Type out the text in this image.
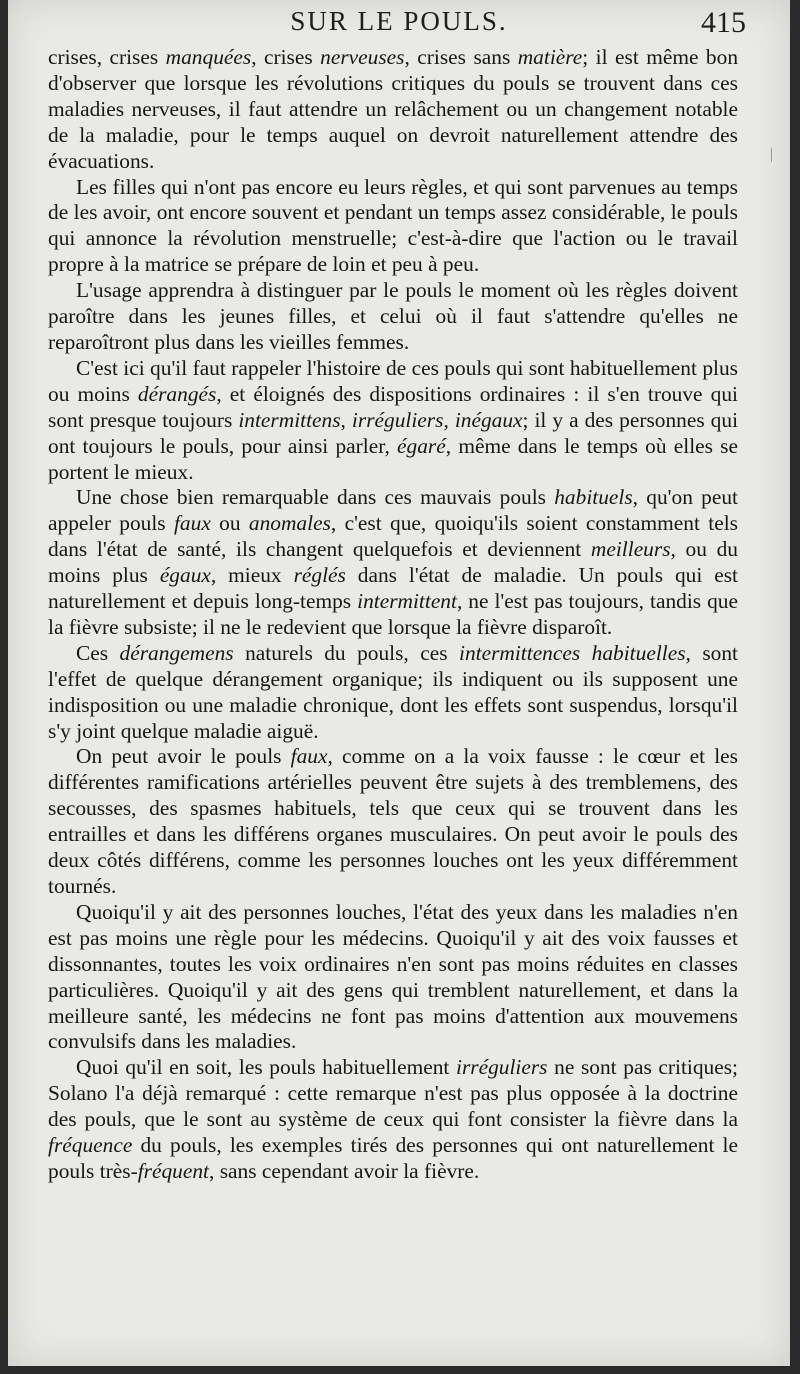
SUR LE POULS.	415

crises, crises manquées, crises nerveuses, crises sans matière; il est même bon d'observer que lorsque les révolutions critiques du pouls se trouvent dans ces maladies nerveuses, il faut attendre un relâchement ou un changement notable de la maladie, pour le temps auquel on devroit naturellement attendre des évacuations.

Les filles qui n'ont pas encore eu leurs règles, et qui sont parvenues au temps de les avoir, ont encore souvent et pendant un temps assez considérable, le pouls qui annonce la révolution menstruelle; c'est-à-dire que l'action ou le travail propre à la matrice se prépare de loin et peu à peu.

L'usage apprendra à distinguer par le pouls le moment où les règles doivent paroître dans les jeunes filles, et celui où il faut s'attendre qu'elles ne reparoîtront plus dans les vieilles femmes.

C'est ici qu'il faut rappeler l'histoire de ces pouls qui sont habituellement plus ou moins dérangés, et éloignés des dispositions ordinaires : il s'en trouve qui sont presque toujours intermittens, irréguliers, inégaux; il y a des personnes qui ont toujours le pouls, pour ainsi parler, égaré, même dans le temps où elles se portent le mieux.

Une chose bien remarquable dans ces mauvais pouls habituels, qu'on peut appeler pouls faux ou anomales, c'est que, quoiqu'ils soient constamment tels dans l'état de santé, ils changent quelquefois et deviennent meilleurs, ou du moins plus égaux, mieux réglés dans l'état de maladie. Un pouls qui est naturellement et depuis long-temps intermittent, ne l'est pas toujours, tandis que la fièvre subsiste; il ne le redevient que lorsque la fièvre disparoît.

Ces dérangemens naturels du pouls, ces intermittences habituelles, sont l'effet de quelque dérangement organique; ils indiquent ou ils supposent une indisposition ou une maladie chronique, dont les effets sont suspendus, lorsqu'il s'y joint quelque maladie aiguë.

On peut avoir le pouls faux, comme on a la voix fausse : le cœur et les différentes ramifications artérielles peuvent être sujets à des tremblemens, des secousses, des spasmes habituels, tels que ceux qui se trouvent dans les entrailles et dans les différens organes musculaires. On peut avoir le pouls des deux côtés différens, comme les personnes louches ont les yeux différemment tournés.

Quoiqu'il y ait des personnes louches, l'état des yeux dans les maladies n'en est pas moins une règle pour les médecins. Quoiqu'il y ait des voix fausses et dissonnantes, toutes les voix ordinaires n'en sont pas moins réduites en classes particulières. Quoiqu'il y ait des gens qui tremblent naturellement, et dans la meilleure santé, les médecins ne font pas moins d'attention aux mouvemens convulsifs dans les maladies.

Quoi qu'il en soit, les pouls habituellement irréguliers ne sont pas critiques; Solano l'a déjà remarqué : cette remarque n'est pas plus opposée à la doctrine des pouls, que le sont au système de ceux qui font consister la fièvre dans la fréquence du pouls, les exemples tirés des personnes qui ont naturellement le pouls très-fréquent, sans cependant avoir la fièvre.
